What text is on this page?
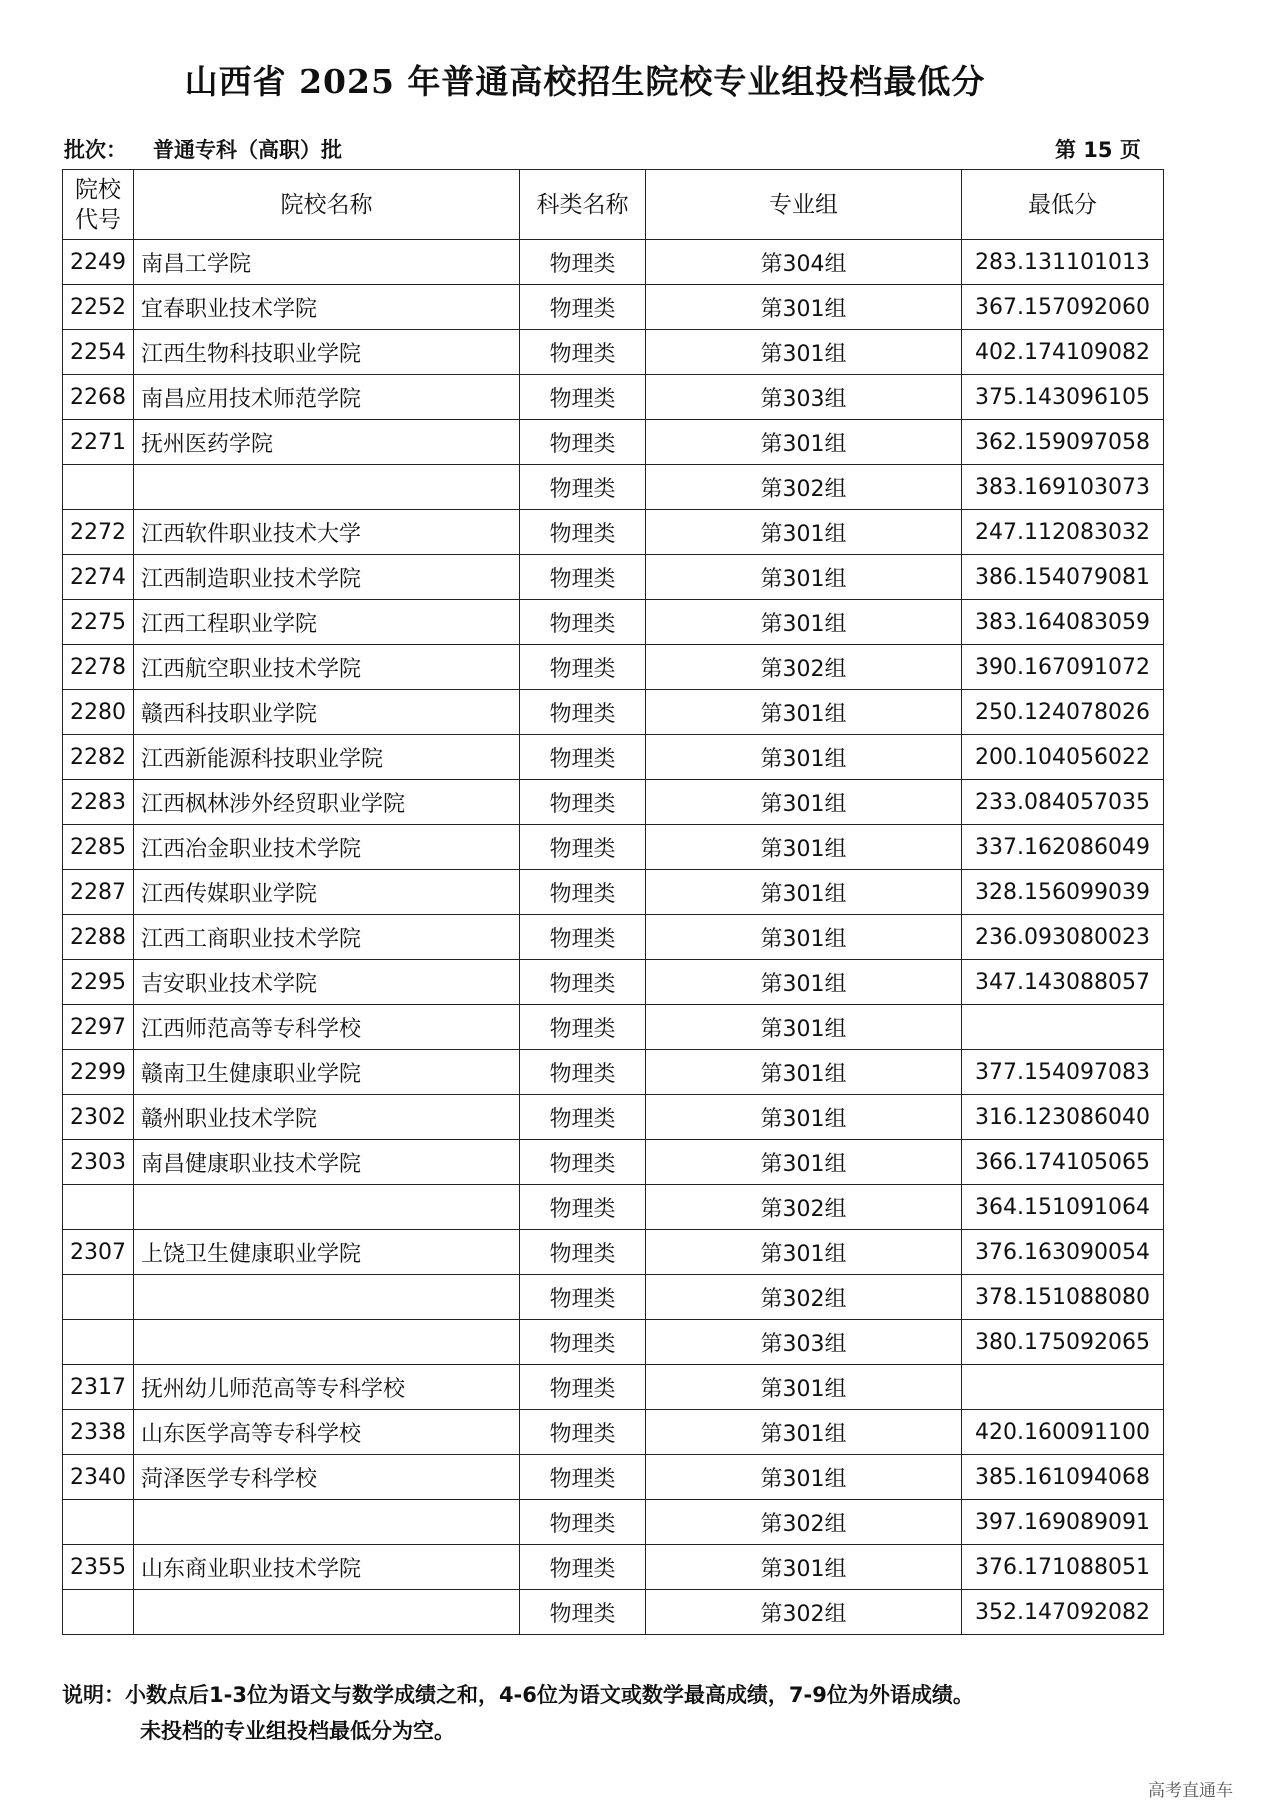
山西省 2025 年普通高校招生院校专业组投档最低分
批次： 普通专科（高职）批	第 15 页
院校
代号	院校名称	科类名称	专业组	最低分
2249	南昌工学院	物理类	第304组	283.131101013
2252	宜春职业技术学院	物理类	第301组	367.157092060
2254	江西生物科技职业学院	物理类	第301组	402.174109082
2268	南昌应用技术师范学院	物理类	第303组	375.143096105
2271	抚州医药学院	物理类	第301组	362.159097058
		物理类	第302组	383.169103073
2272	江西软件职业技术大学	物理类	第301组	247.112083032
2274	江西制造职业技术学院	物理类	第301组	386.154079081
2275	江西工程职业学院	物理类	第301组	383.164083059
2278	江西航空职业技术学院	物理类	第302组	390.167091072
2280	赣西科技职业学院	物理类	第301组	250.124078026
2282	江西新能源科技职业学院	物理类	第301组	200.104056022
2283	江西枫林涉外经贸职业学院	物理类	第301组	233.084057035
2285	江西冶金职业技术学院	物理类	第301组	337.162086049
2287	江西传媒职业学院	物理类	第301组	328.156099039
2288	江西工商职业技术学院	物理类	第301组	236.093080023
2295	吉安职业技术学院	物理类	第301组	347.143088057
2297	江西师范高等专科学校	物理类	第301组	
2299	赣南卫生健康职业学院	物理类	第301组	377.154097083
2302	赣州职业技术学院	物理类	第301组	316.123086040
2303	南昌健康职业技术学院	物理类	第301组	366.174105065
		物理类	第302组	364.151091064
2307	上饶卫生健康职业学院	物理类	第301组	376.163090054
		物理类	第302组	378.151088080
		物理类	第303组	380.175092065
2317	抚州幼儿师范高等专科学校	物理类	第301组	
2338	山东医学高等专科学校	物理类	第301组	420.160091100
2340	菏泽医学专科学校	物理类	第301组	385.161094068
		物理类	第302组	397.169089091
2355	山东商业职业技术学院	物理类	第301组	376.171088051
		物理类	第302组	352.147092082
说明：小数点后1-3位为语文与数学成绩之和，4-6位为语文或数学最高成绩，7-9位为外语成绩。
未投档的专业组投档最低分为空。
高考直通车
